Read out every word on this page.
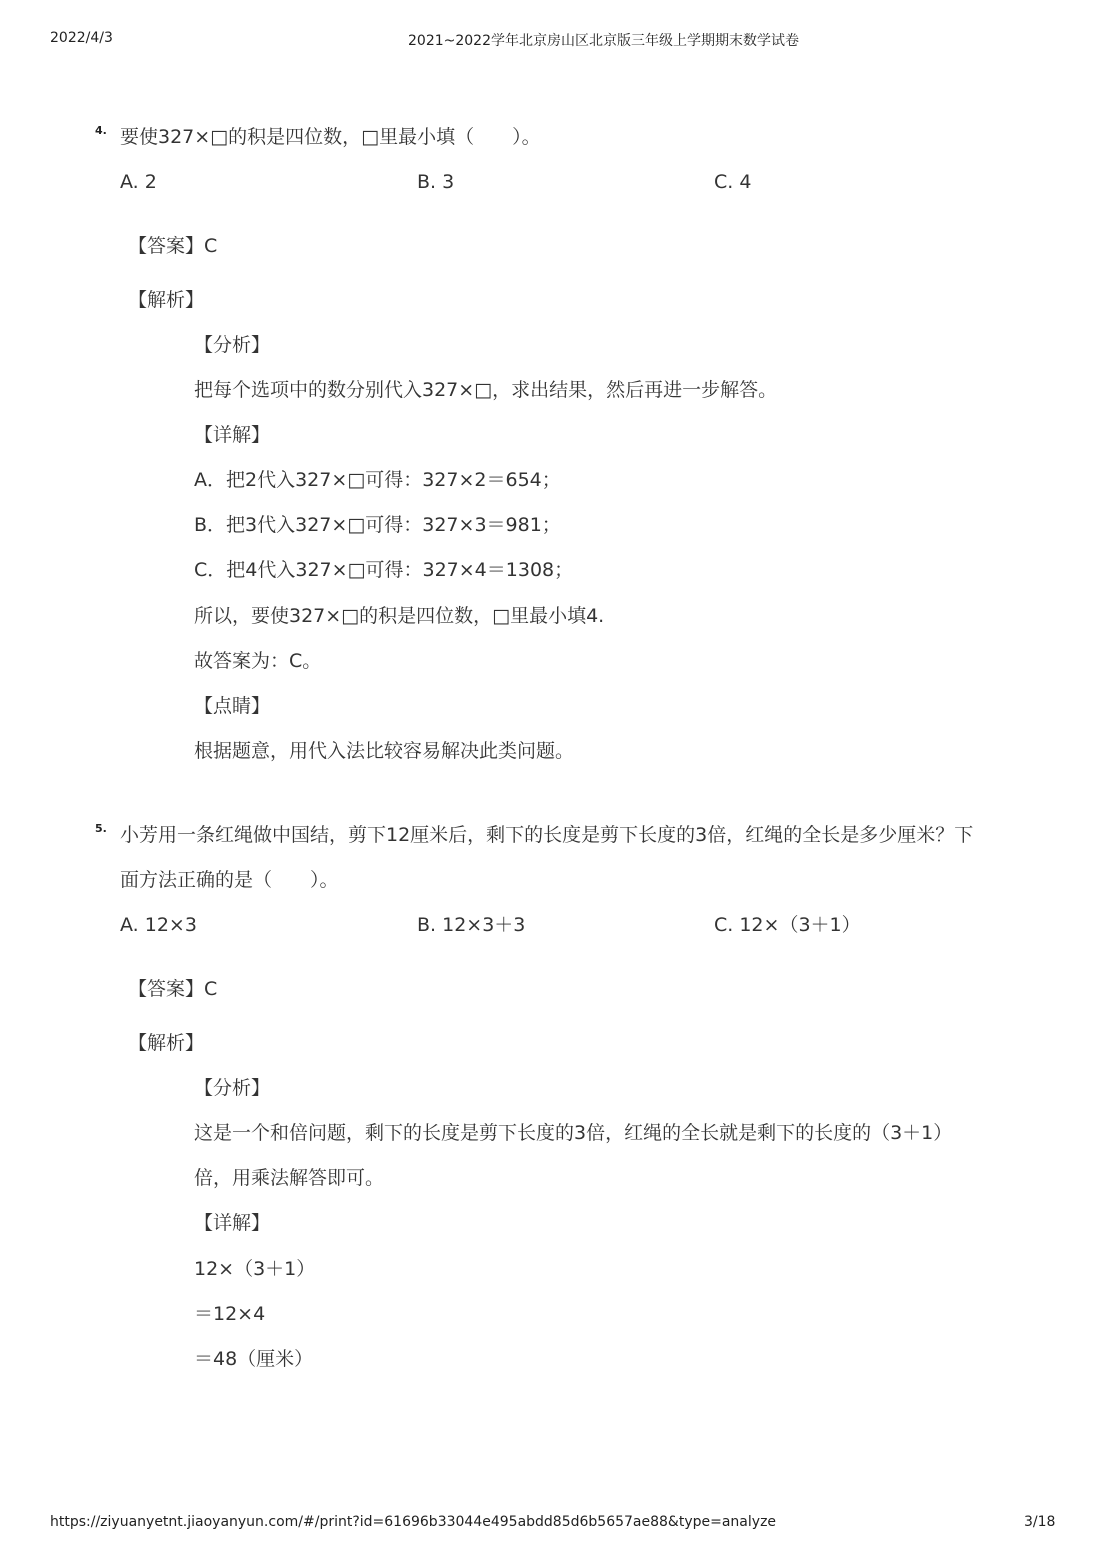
2022/4/3	2021~2022学年北京房山区北京版三年级上学期期末数学试卷
4. 要使327×□的积是四位数，□里最小填（　　）。
A. 2	B. 3	C. 4
【答案】C
【解析】
【分析】
把每个选项中的数分别代入327×□，求出结果，然后再进一步解答。
【详解】
A．把2代入327×□可得：327×2＝654；
B．把3代入327×□可得：327×3＝981；
C．把4代入327×□可得：327×4＝1308；
所以，要使327×□的积是四位数，□里最小填4.
故答案为：C。
【点睛】
根据题意，用代入法比较容易解决此类问题。
5. 小芳用一条红绳做中国结，剪下12厘米后，剩下的长度是剪下长度的3倍，红绳的全长是多少厘米？下
面方法正确的是（　　）。
A. 12×3	B. 12×3＋3	C. 12×（3＋1）
【答案】C
【解析】
【分析】
这是一个和倍问题，剩下的长度是剪下长度的3倍，红绳的全长就是剩下的长度的（3＋1）
倍，用乘法解答即可。
【详解】
12×（3＋1）
＝12×4
＝48（厘米）
https://ziyuanyetnt.jiaoyanyun.com/#/print?id=61696b33044e495abdd85d6b5657ae88&type=analyze	3/18
